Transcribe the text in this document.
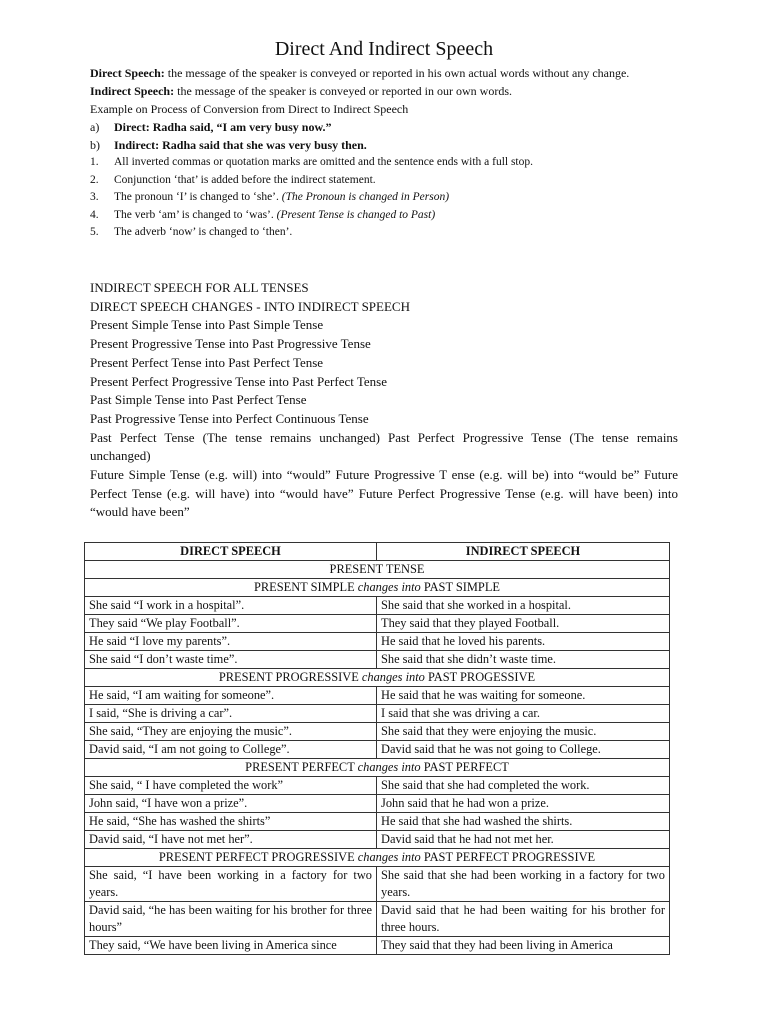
Direct And Indirect Speech

Direct Speech: the message of the speaker is conveyed or reported in his own actual words without any change.

Indirect Speech: the message of the speaker is conveyed or reported in our own words.

Example on Process of Conversion from Direct to Indirect Speech

a)	Direct: Radha said, “I am very busy now.”
b)	Indirect: Radha said that she was very busy then.
1.	All inverted commas or quotation marks are omitted and the sentence ends with a full stop.
2.	Conjunction ‘that’ is added before the indirect statement.
3.	The pronoun ‘I’ is changed to ‘she’. (The Pronoun is changed in Person)
4.	The verb ‘am’ is changed to ‘was’. (Present Tense is changed to Past)
5.	The adverb ‘now’ is changed to ‘then’.

INDIRECT SPEECH FOR ALL TENSES

DIRECT SPEECH CHANGES - INTO INDIRECT SPEECH

Present Simple Tense into Past Simple Tense

Present Progressive Tense into Past Progressive Tense

Present Perfect Tense into Past Perfect Tense

Present Perfect Progressive Tense into Past Perfect Tense

Past Simple Tense into Past Perfect Tense

Past Progressive Tense into Perfect Continuous Tense

Past Perfect Tense (The tense remains unchanged) Past Perfect Progressive Tense (The tense remains unchanged)

Future Simple Tense (e.g. will) into “would” Future Progressive T ense (e.g. will be) into “would be” Future Perfect Tense (e.g. will have) into “would have” Future Perfect Progressive Tense (e.g. will have been) into “would have been”

DIRECT SPEECH	INDIRECT SPEECH
PRESENT TENSE	
PRESENT SIMPLE changes into PAST SIMPLE	
She said “I work in a hospital”.	She said that she worked in a hospital.
They said “We play Football”.	They said that they played Football.
He said “I love my parents”.	He said that he loved his parents.
She said “I don’t waste time”.	She said that she didn’t waste time.
PRESENT PROGRESSIVE changes into PAST PROGESSIVE	
He said, “I am waiting for someone”.	He said that he was waiting for someone.
I said, “She is driving a car”.	I said that she was driving a car.
She said, “They are enjoying the music”.	She said that they were enjoying the music.
David said, “I am not going to College”.	David said that he was not going to College.
PRESENT PERFECT changes into PAST PERFECT	
She said, “ I have completed the work”	She said that she had completed the work.
John said, “I have won a prize”.	John said that he had won a prize.
He said, “She has washed the shirts”	He said that she had washed the shirts.
David said, “I have not met her”.	David said that he had not met her.
PRESENT PERFECT PROGRESSIVE changes into PAST PERFECT PROGRESSIVE	
She said, “I have been working in a factory for two years.	She said that she had been working in a factory for two years.
David said, “he has been waiting for his brother for three hours”	David said that he had been waiting for his brother for three hours.
They said, “We have been living in America since	They said that they had been living in America
